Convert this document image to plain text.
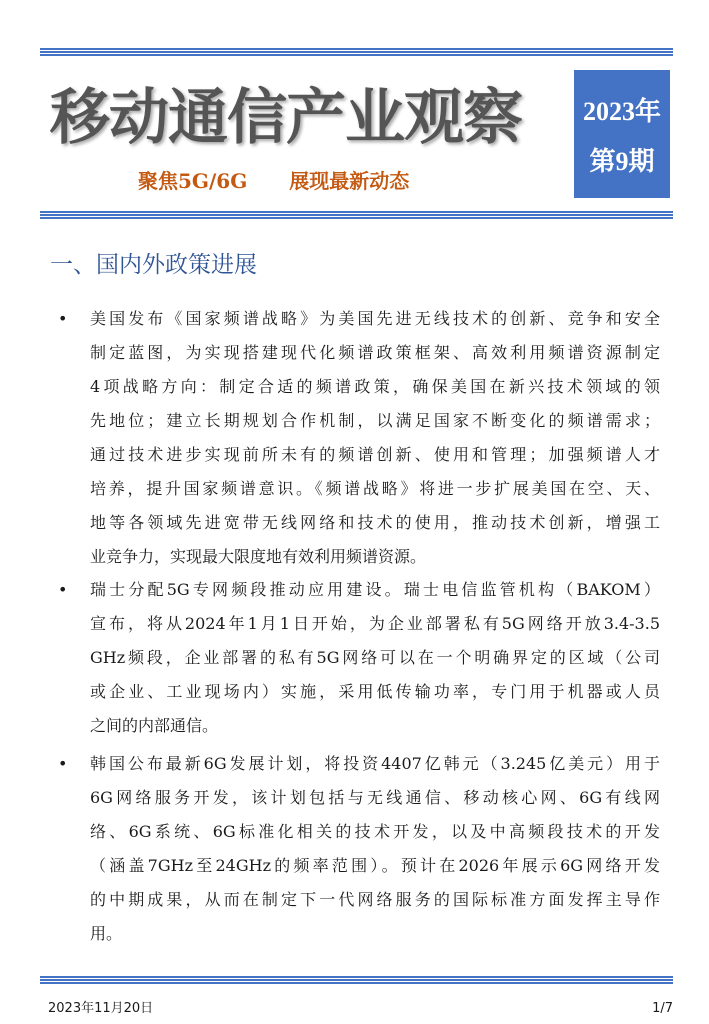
移动通信产业观察
聚焦5G/6G 展现最新动态
2023年
第9期
一、国内外政策进展
•	美国发布《国家频谱战略》为美国先进无线技术的创新、竞争和安全
制定蓝图，为实现搭建现代化频谱政策框架、高效利用频谱资源制定
4项战略方向：制定合适的频谱政策，确保美国在新兴技术领域的领
先地位；建立长期规划合作机制，以满足国家不断变化的频谱需求；
通过技术进步实现前所未有的频谱创新、使用和管理；加强频谱人才
培养，提升国家频谱意识。《频谱战略》将进一步扩展美国在空、天、
地等各领域先进宽带无线网络和技术的使用，推动技术创新，增强工
业竞争力，实现最大限度地有效利用频谱资源。
•	瑞士分配5G专网频段推动应用建设。瑞士电信监管机构（BAKOM）
宣布，将从2024年1月1日开始，为企业部署私有5G网络开放3.4-3.5
GHz频段，企业部署的私有5G网络可以在一个明确界定的区域（公司
或企业、工业现场内）实施，采用低传输功率，专门用于机器或人员
之间的内部通信。
•	韩国公布最新6G发展计划，将投资4407亿韩元（3.245亿美元）用于
6G网络服务开发，该计划包括与无线通信、移动核心网、6G有线网
络、6G系统、6G标准化相关的技术开发，以及中高频段技术的开发
（涵盖7GHz至24GHz的频率范围）。预计在2026年展示6G网络开发
的中期成果，从而在制定下一代网络服务的国际标准方面发挥主导作
用。
2023年11月20日	1/7
